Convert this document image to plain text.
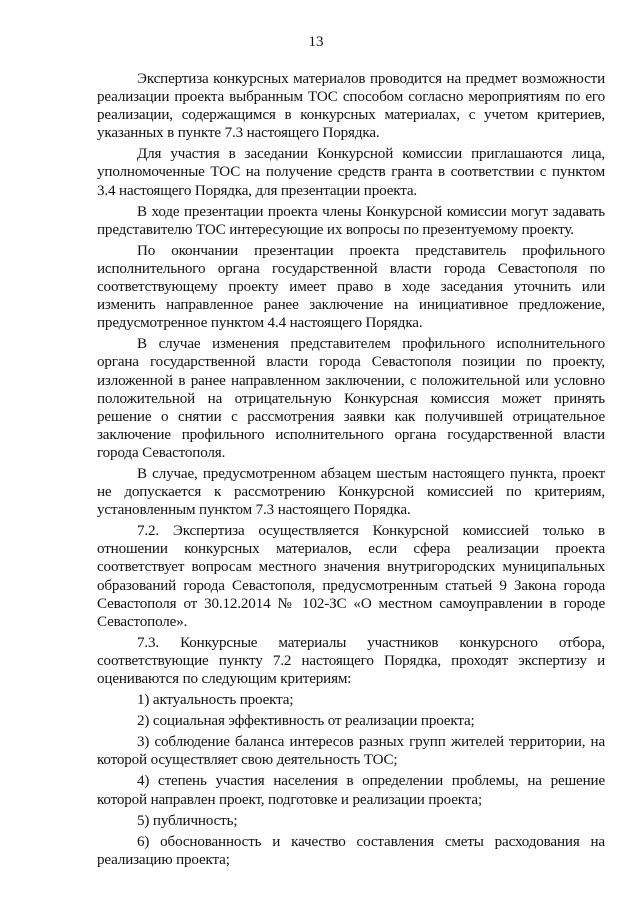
13

Экспертиза конкурсных материалов проводится на предмет возможности реализации проекта выбранным ТОС способом согласно мероприятиям по его реализации, содержащимся в конкурсных материалах, с учетом критериев, указанных в пункте 7.3 настоящего Порядка.

Для участия в заседании Конкурсной комиссии приглашаются лица, уполномоченные ТОС на получение средств гранта в соответствии с пунктом 3.4 настоящего Порядка, для презентации проекта.

В ходе презентации проекта члены Конкурсной комиссии могут задавать представителю ТОС интересующие их вопросы по презентуемому проекту.

По окончании презентации проекта представитель профильного исполнительного органа государственной власти города Севастополя по соответствующему проекту имеет право в ходе заседания уточнить или изменить направленное ранее заключение на инициативное предложение, предусмотренное пунктом 4.4 настоящего Порядка.

В случае изменения представителем профильного исполнительного органа государственной власти города Севастополя позиции по проекту, изложенной в ранее направленном заключении, с положительной или условно положительной на отрицательную Конкурсная комиссия может принять решение о снятии с рассмотрения заявки как получившей отрицательное заключение профильного исполнительного органа государственной власти города Севастополя.

В случае, предусмотренном абзацем шестым настоящего пункта, проект не допускается к рассмотрению Конкурсной комиссией по критериям, установленным пунктом 7.3 настоящего Порядка.

7.2. Экспертиза осуществляется Конкурсной комиссией только в отношении конкурсных материалов, если сфера реализации проекта соответствует вопросам местного значения внутригородских муниципальных образований города Севастополя, предусмотренным статьей 9 Закона города Севастополя от 30.12.2014 № 102-ЗС «О местном самоуправлении в городе Севастополе».

7.3. Конкурсные материалы участников конкурсного отбора, соответствующие пункту 7.2 настоящего Порядка, проходят экспертизу и оцениваются по следующим критериям:

1) актуальность проекта;

2) социальная эффективность от реализации проекта;

3) соблюдение баланса интересов разных групп жителей территории, на которой осуществляет свою деятельность ТОС;

4) степень участия населения в определении проблемы, на решение которой направлен проект, подготовке и реализации проекта;

5) публичность;

6) обоснованность и качество составления сметы расходования на реализацию проекта;
